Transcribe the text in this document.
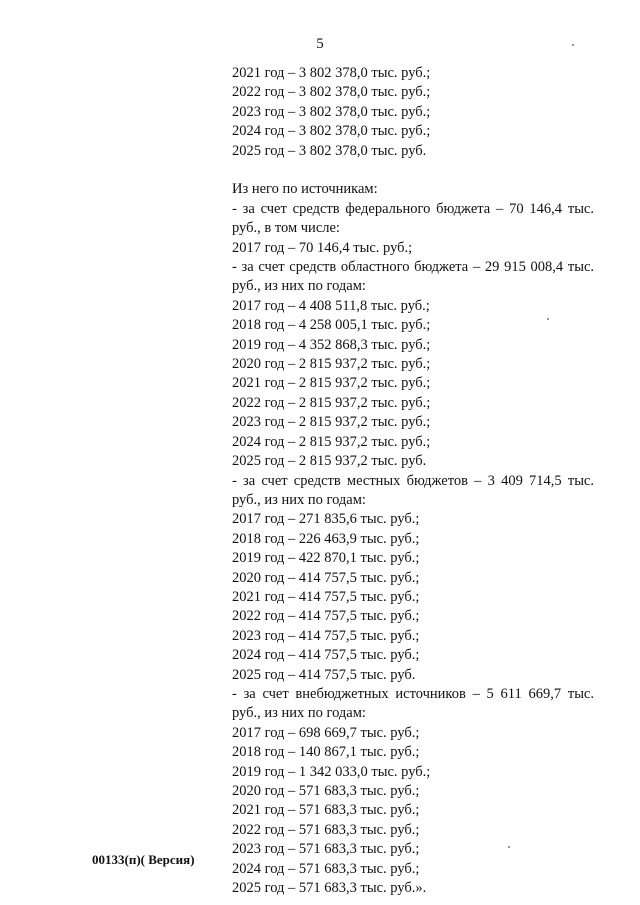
5
2021 год – 3 802 378,0 тыс. руб.;
2022 год – 3 802 378,0 тыс. руб.;
2023 год – 3 802 378,0 тыс. руб.;
2024 год – 3 802 378,0 тыс. руб.;
2025 год – 3 802 378,0 тыс. руб.
Из него по источникам:
- за счет средств федерального бюджета – 70 146,4 тыс. руб., в том числе:
2017 год – 70 146,4 тыс. руб.;
- за счет средств областного бюджета – 29 915 008,4 тыс. руб., из них по годам:
2017 год – 4 408 511,8 тыс. руб.;
2018 год – 4 258 005,1 тыс. руб.;
2019 год – 4 352 868,3 тыс. руб.;
2020 год – 2 815 937,2 тыс. руб.;
2021 год – 2 815 937,2 тыс. руб.;
2022 год – 2 815 937,2 тыс. руб.;
2023 год – 2 815 937,2 тыс. руб.;
2024 год – 2 815 937,2 тыс. руб.;
2025 год – 2 815 937,2 тыс. руб.
- за счет средств местных бюджетов – 3 409 714,5 тыс. руб., из них по годам:
2017 год – 271 835,6 тыс. руб.;
2018 год – 226 463,9 тыс. руб.;
2019 год – 422 870,1 тыс. руб.;
2020 год – 414 757,5 тыс. руб.;
2021 год – 414 757,5 тыс. руб.;
2022 год – 414 757,5 тыс. руб.;
2023 год – 414 757,5 тыс. руб.;
2024 год – 414 757,5 тыс. руб.;
2025 год – 414 757,5 тыс. руб.
- за счет внебюджетных источников – 5 611 669,7 тыс. руб., из них по годам:
2017 год – 698 669,7 тыс. руб.;
2018 год – 140 867,1 тыс. руб.;
2019 год – 1 342 033,0 тыс. руб.;
2020 год – 571 683,3 тыс. руб.;
2021 год – 571 683,3 тыс. руб.;
2022 год – 571 683,3 тыс. руб.;
2023 год – 571 683,3 тыс. руб.;
2024 год – 571 683,3 тыс. руб.;
2025 год – 571 683,3 тыс. руб.».
00133(п)( Версия)
